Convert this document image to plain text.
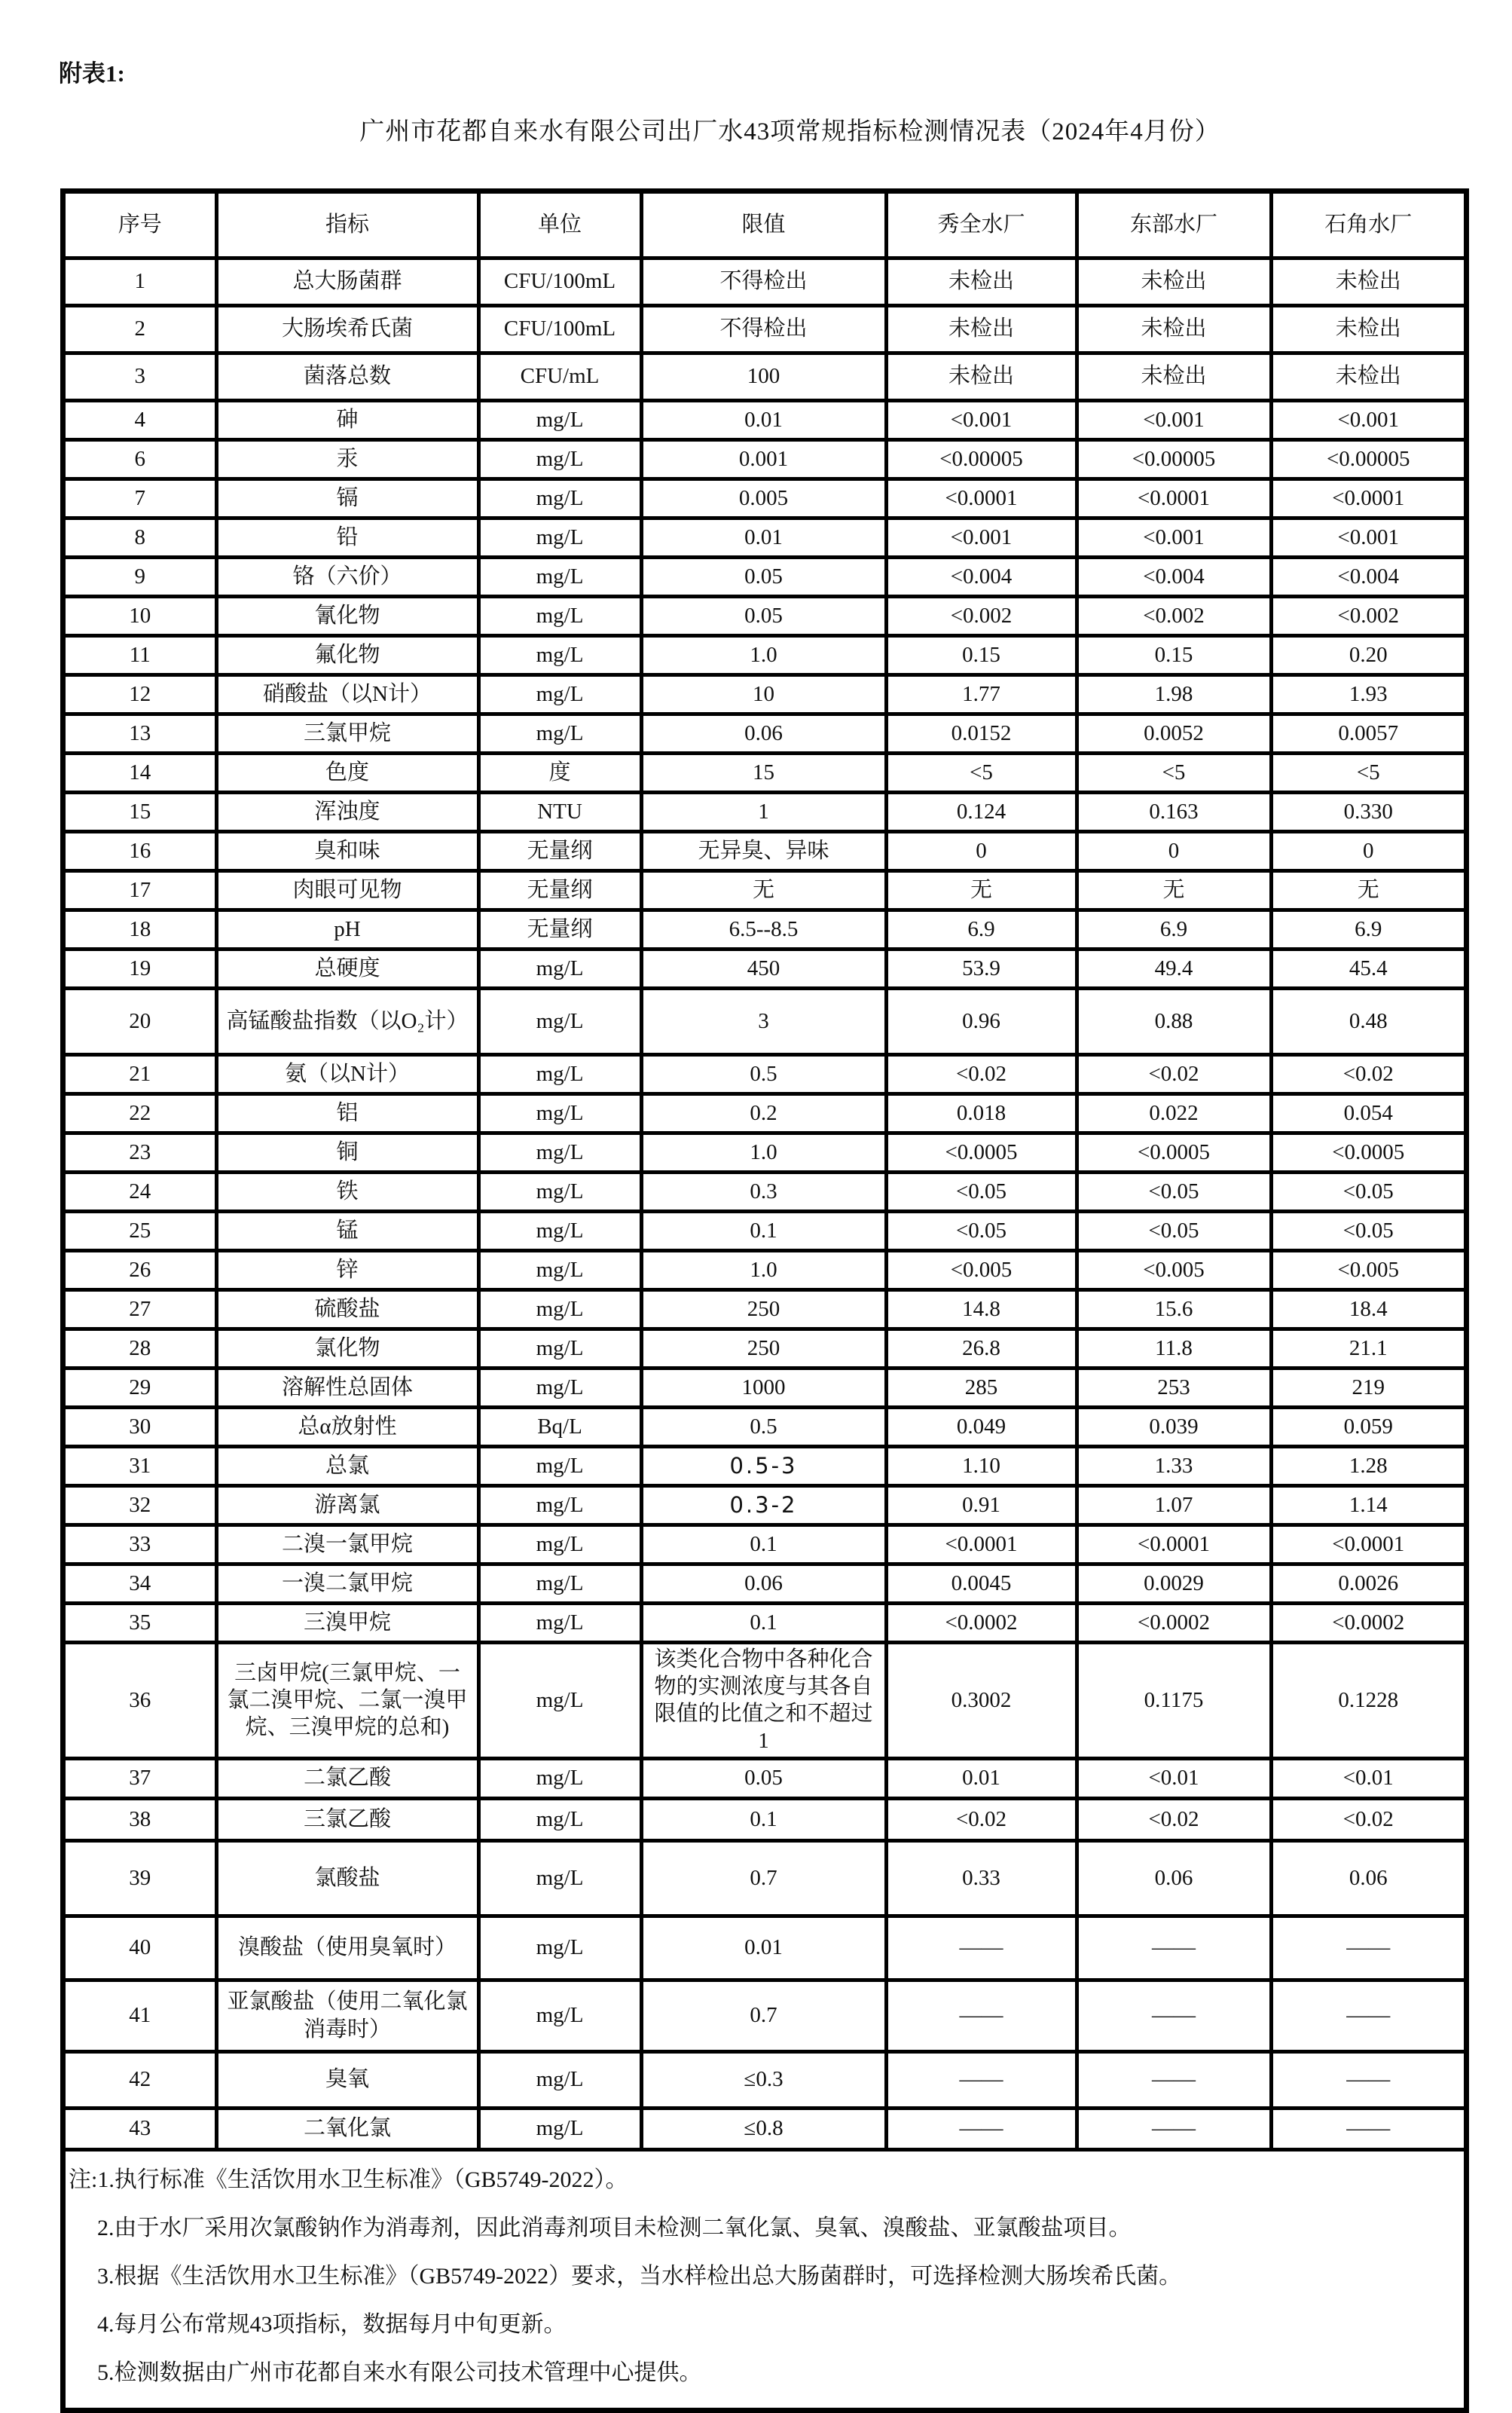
附表1:
广州市花都自来水有限公司出厂水43项常规指标检测情况表（2024年4月份）
序号	指标	单位	限值	秀全水厂	东部水厂	石角水厂
1	总大肠菌群	CFU/100mL	不得检出	未检出	未检出	未检出
2	大肠埃希氏菌	CFU/100mL	不得检出	未检出	未检出	未检出
3	菌落总数	CFU/mL	100	未检出	未检出	未检出
4	砷	mg/L	0.01	<0.001	<0.001	<0.001
6	汞	mg/L	0.001	<0.00005	<0.00005	<0.00005
7	镉	mg/L	0.005	<0.0001	<0.0001	<0.0001
8	铅	mg/L	0.01	<0.001	<0.001	<0.001
9	铬（六价）	mg/L	0.05	<0.004	<0.004	<0.004
10	氰化物	mg/L	0.05	<0.002	<0.002	<0.002
11	氟化物	mg/L	1.0	0.15	0.15	0.20
12	硝酸盐（以N计）	mg/L	10	1.77	1.98	1.93
13	三氯甲烷	mg/L	0.06	0.0152	0.0052	0.0057
14	色度	度	15	<5	<5	<5
15	浑浊度	NTU	1	0.124	0.163	0.330
16	臭和味	无量纲	无异臭、异味	0	0	0
17	肉眼可见物	无量纲	无	无	无	无
18	pH	无量纲	6.5--8.5	6.9	6.9	6.9
19	总硬度	mg/L	450	53.9	49.4	45.4
20	高锰酸盐指数（以O₂计）	mg/L	3	0.96	0.88	0.48
21	氨（以N计）	mg/L	0.5	<0.02	<0.02	<0.02
22	铝	mg/L	0.2	0.018	0.022	0.054
23	铜	mg/L	1.0	<0.0005	<0.0005	<0.0005
24	铁	mg/L	0.3	<0.05	<0.05	<0.05
25	锰	mg/L	0.1	<0.05	<0.05	<0.05
26	锌	mg/L	1.0	<0.005	<0.005	<0.005
27	硫酸盐	mg/L	250	14.8	15.6	18.4
28	氯化物	mg/L	250	26.8	11.8	21.1
29	溶解性总固体	mg/L	1000	285	253	219
30	总α放射性	Bq/L	0.5	0.049	0.039	0.059
31	总氯	mg/L	0.5-3	1.10	1.33	1.28
32	游离氯	mg/L	0.3-2	0.91	1.07	1.14
33	二溴一氯甲烷	mg/L	0.1	<0.0001	<0.0001	<0.0001
34	一溴二氯甲烷	mg/L	0.06	0.0045	0.0029	0.0026
35	三溴甲烷	mg/L	0.1	<0.0002	<0.0002	<0.0002
36	三卤甲烷(三氯甲烷、一氯二溴甲烷、二氯一溴甲烷、三溴甲烷的总和)	mg/L	该类化合物中各种化合物的实测浓度与其各自限值的比值之和不超过1	0.3002	0.1175	0.1228
37	二氯乙酸	mg/L	0.05	0.01	<0.01	<0.01
38	三氯乙酸	mg/L	0.1	<0.02	<0.02	<0.02
39	氯酸盐	mg/L	0.7	0.33	0.06	0.06
40	溴酸盐（使用臭氧时）	mg/L	0.01	——	——	——
41	亚氯酸盐（使用二氧化氯消毒时）	mg/L	0.7	——	——	——
42	臭氧	mg/L	≤0.3	——	——	——
43	二氧化氯	mg/L	≤0.8	——	——	——
注:1.执行标准《生活饮用水卫生标准》（GB5749-2022）。
2.由于水厂采用次氯酸钠作为消毒剂，因此消毒剂项目未检测二氧化氯、臭氧、溴酸盐、亚氯酸盐项目。
3.根据《生活饮用水卫生标准》（GB5749-2022）要求，当水样检出总大肠菌群时，可选择检测大肠埃希氏菌。
4.每月公布常规43项指标，数据每月中旬更新。
5.检测数据由广州市花都自来水有限公司技术管理中心提供。
